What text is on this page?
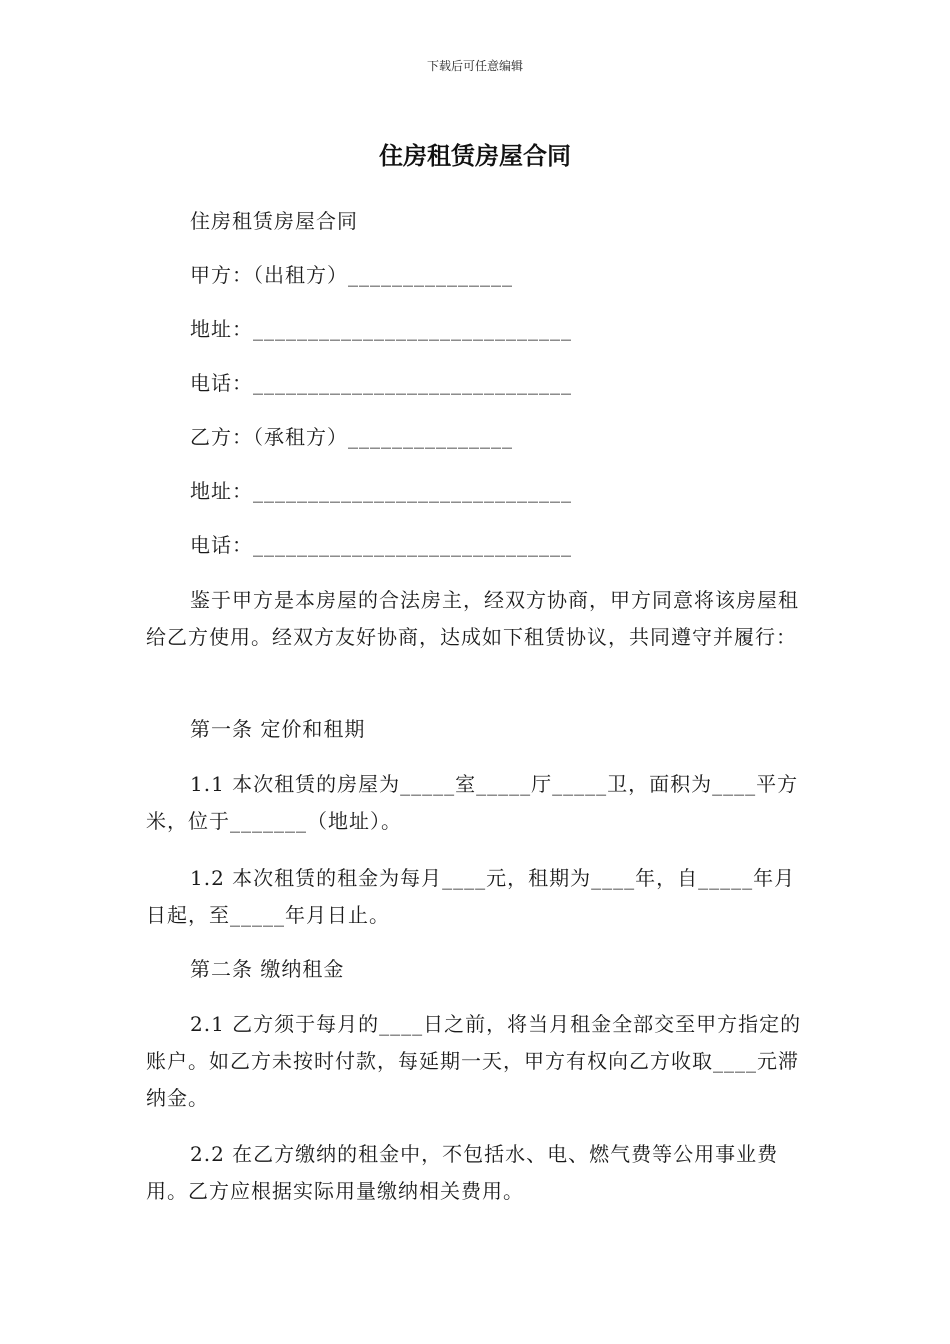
下载后可任意编辑
住房租赁房屋合同
住房租赁房屋合同
甲方：（出租方）_______________
地址：_____________________________
电话：_____________________________
乙方：（承租方）_______________
地址：_____________________________
电话：_____________________________
鉴于甲方是本房屋的合法房主，经双方协商，甲方同意将该房屋租给乙方使用。经双方友好协商，达成如下租赁协议，共同遵守并履行：
第一条 定价和租期
1.1 本次租赁的房屋为_____室_____厅_____卫，面积为____平方米，位于_______（地址）。
1.2 本次租赁的租金为每月____元，租期为____年，自_____年月日起，至_____年月日止。
第二条 缴纳租金
2.1 乙方须于每月的____日之前，将当月租金全部交至甲方指定的账户。如乙方未按时付款，每延期一天，甲方有权向乙方收取____元滞纳金。
2.2 在乙方缴纳的租金中，不包括水、电、燃气费等公用事业费用。乙方应根据实际用量缴纳相关费用。
